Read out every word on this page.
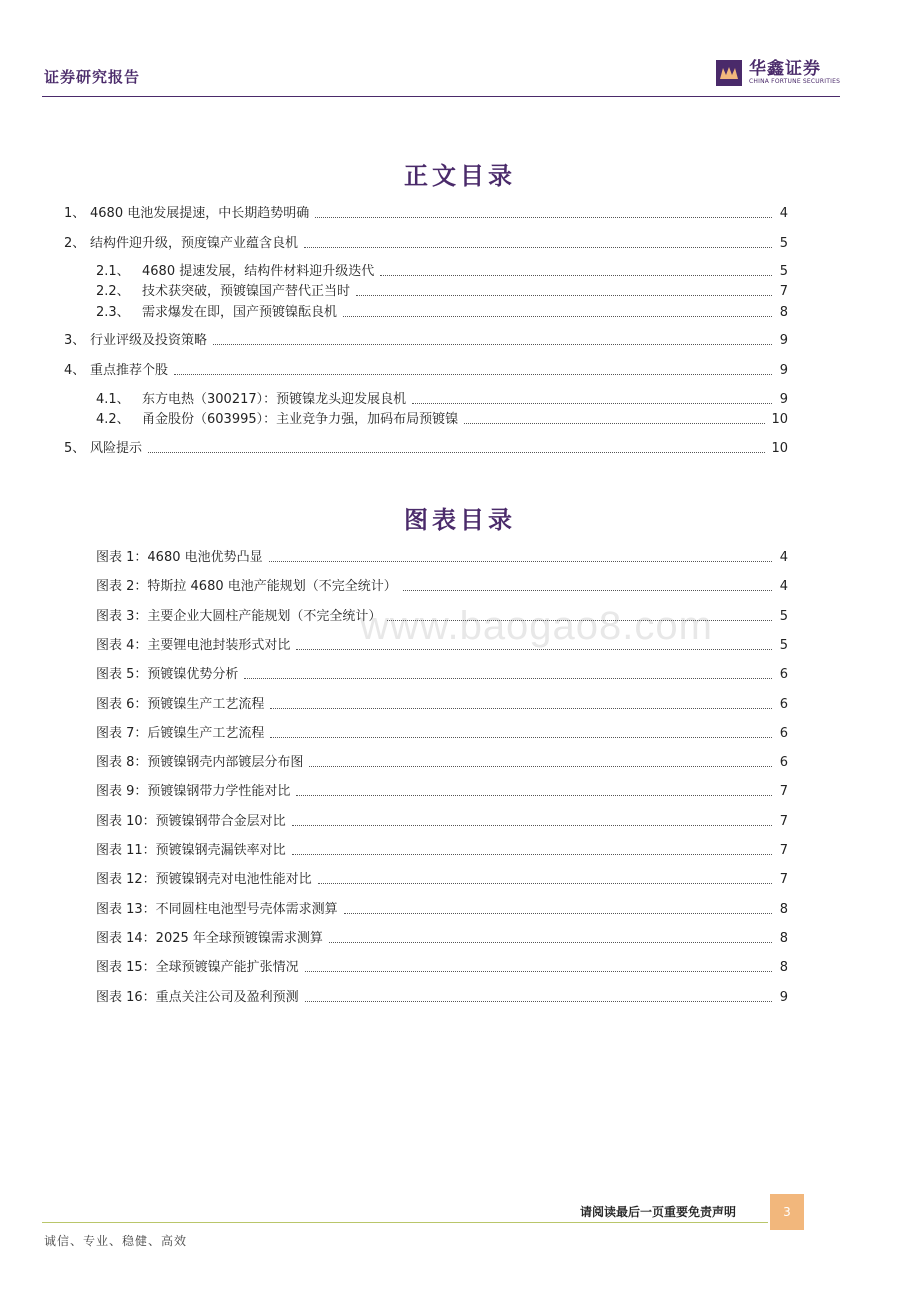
证券研究报告	华鑫证券
CHINA FORTUNE SECURITIES
www.baogao8.com
正文目录
1、 4680 电池发展提速，中长期趋势明确	4
2、 结构件迎升级，预度镍产业蕴含良机	5
2.1、 4680 提速发展，结构件材料迎升级迭代	5
2.2、 技术获突破，预镀镍国产替代正当时	7
2.3、 需求爆发在即，国产预镀镍酝良机	8
3、 行业评级及投资策略	9
4、 重点推荐个股	9
4.1、 东方电热（300217）：预镀镍龙头迎发展良机	9
4.2、 甬金股份（603995）：主业竞争力强，加码布局预镀镍	10
5、 风险提示	10
图表目录
图表 1：4680 电池优势凸显	4
图表 2：特斯拉 4680 电池产能规划（不完全统计）	4
图表 3：主要企业大圆柱产能规划（不完全统计）	5
图表 4：主要锂电池封装形式对比	5
图表 5：预镀镍优势分析	6
图表 6：预镀镍生产工艺流程	6
图表 7：后镀镍生产工艺流程	6
图表 8：预镀镍钢壳内部镀层分布图	6
图表 9：预镀镍钢带力学性能对比	7
图表 10：预镀镍钢带合金层对比	7
图表 11：预镀镍钢壳漏铁率对比	7
图表 12：预镀镍钢壳对电池性能对比	7
图表 13：不同圆柱电池型号壳体需求测算	8
图表 14：2025 年全球预镀镍需求测算	8
图表 15：全球预镀镍产能扩张情况	8
图表 16：重点关注公司及盈利预测	9
请阅读最后一页重要免责声明	3
诚信、专业、稳健、高效
